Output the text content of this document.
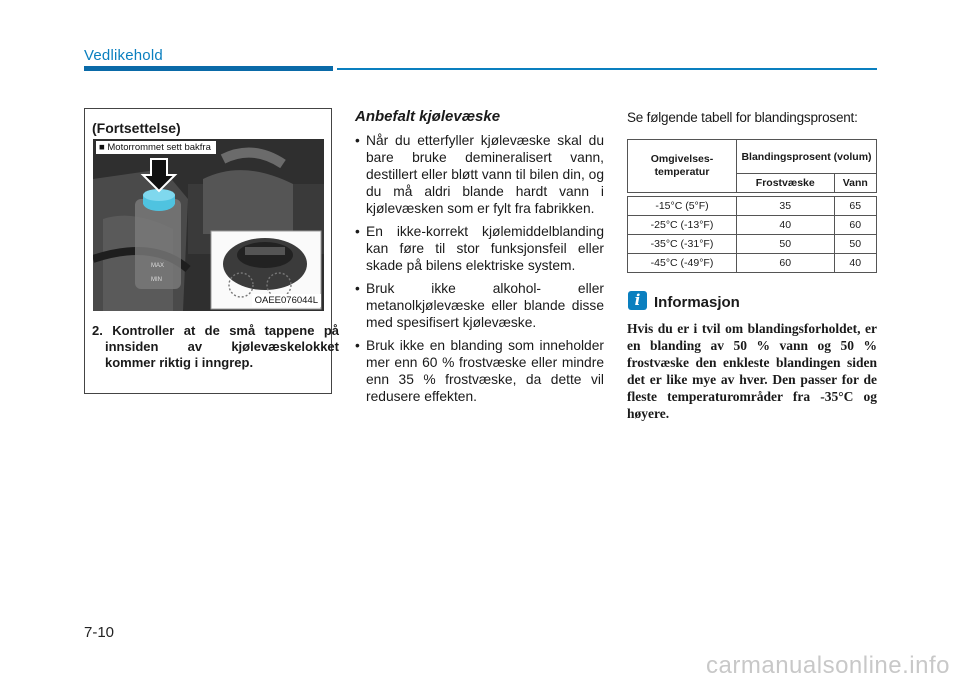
Vedlikehold
(Fortsettelse)
MAX
MIN
■ Motorrommet sett bakfra
OAEE076044L
2. Kontroller at de små tappene på innsiden av kjølevæskelokket kommer riktig i inngrep.
Anbefalt kjølevæske
• Når du etterfyller kjølevæske skal du bare bruke demineralisert vann, destillert eller bløtt vann til bilen din, og du må aldri blande hardt vann i kjølevæsken som er fylt fra fabrikken.
• En ikke-korrekt kjølemiddelblanding kan føre til stor funksjonsfeil eller skade på bilens elektriske system.
• Bruk ikke alkohol- eller metanolkjølevæske eller blande disse med spesifisert kjølevæske.
• Bruk ikke en blanding som inneholder mer enn 60 % frostvæske eller mindre enn 35 % frostvæske, da dette vil redusere effekten.
Se følgende tabell for blandingsprosent:
Omgivelses-temperatur	Blandingsprosent (volum)	
	Frostvæske	Vann

-15°C (5°F)	35	65
-25°C (-13°F)	40	60
-35°C (-31°F)	50	50
-45°C (-49°F)	60	40
i Informasjon
Hvis du er i tvil om blandingsforholdet, er en blanding av 50 % vann og 50 % frostvæske den enkleste blandingen siden det er like mye av hver. Den passer for de fleste temperaturområder fra -35°C og høyere.
7-10
carmanualsonline.info
